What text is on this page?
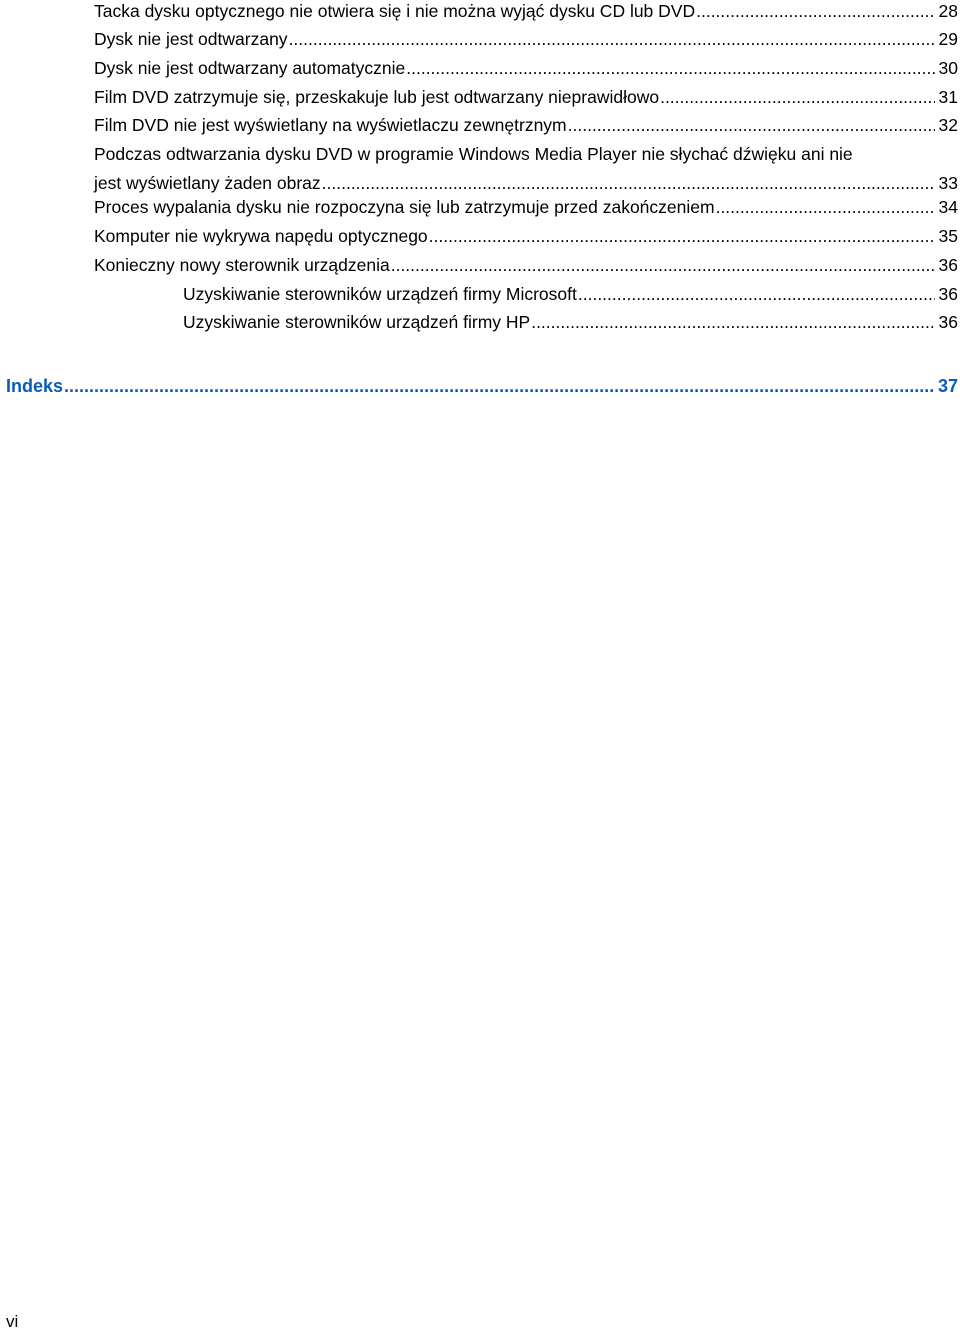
Tacka dysku optycznego nie otwiera się i nie można wyjąć dysku CD lub DVD .....	28
Dysk nie jest odtwarzany .....	29
Dysk nie jest odtwarzany automatycznie .....	30
Film DVD zatrzymuje się, przeskakuje lub jest odtwarzany nieprawidłowo .....	31
Film DVD nie jest wyświetlany na wyświetlaczu zewnętrznym .....	32
Podczas odtwarzania dysku DVD w programie Windows Media Player nie słychać dźwięku ani nie
jest wyświetlany żaden obraz .....	33
Proces wypalania dysku nie rozpoczyna się lub zatrzymuje przed zakończeniem .....	34
Komputer nie wykrywa napędu optycznego .....	35
Konieczny nowy sterownik urządzenia .....	36
Uzyskiwanie sterowników urządzeń firmy Microsoft .....	36
Uzyskiwanie sterowników urządzeń firmy HP .....	36
Indeks .....	37
vi
